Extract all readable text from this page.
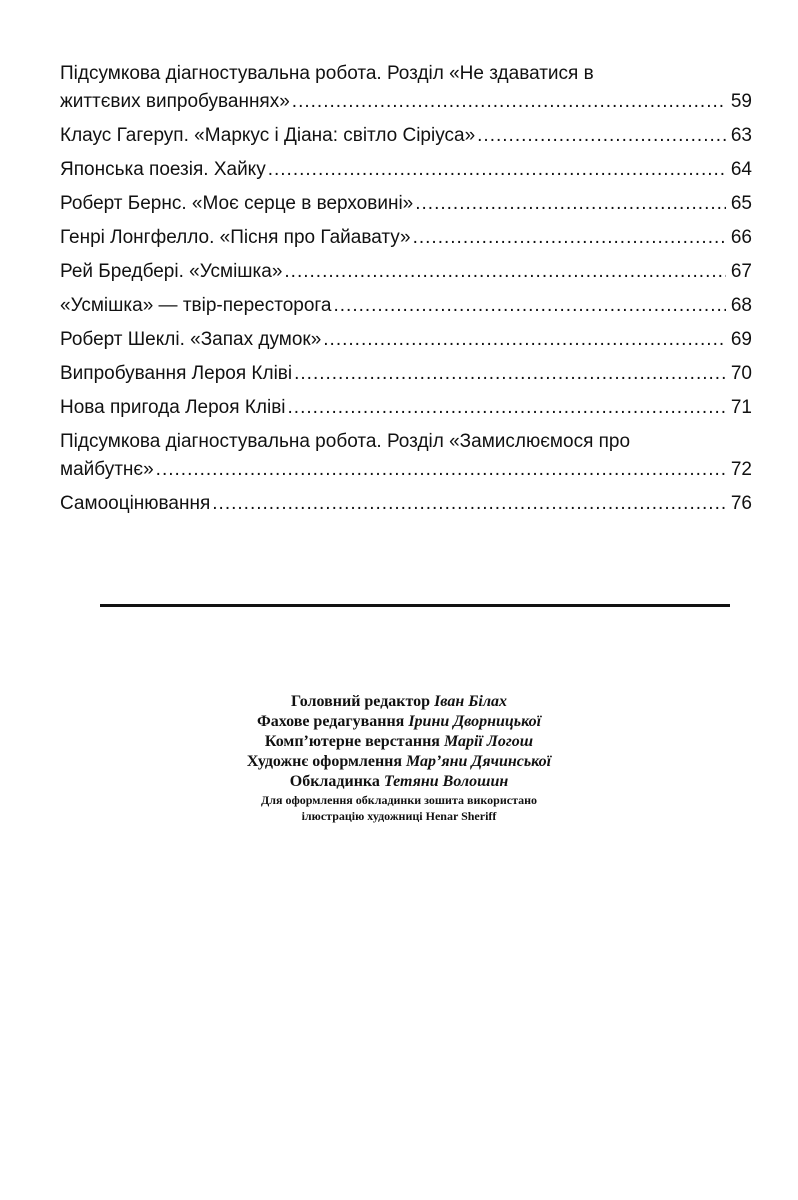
Підсумкова діагностувальна робота. Розділ «Не здаватися в
життєвих випробуваннях» .....	59
Клаус Гагеруп. «Маркус і Діана: світло Сіріуса» .....	63
Японська поезія. Хайку .....	64
Роберт Бернс. «Моє серце в верховині» .....	65
Генрі Лонгфелло. «Пісня про Гайавату» .....	66
Рей Бредбері. «Усмішка» .....	67
«Усмішка» — твір-пересторога .....	68
Роберт Шеклі. «Запах думок» .....	69
Випробування Лероя Кліві .....	70
Нова пригода Лероя Кліві .....	71
Підсумкова діагностувальна робота. Розділ «Замислюємося про
майбутнє» .....	72
Самооцінювання .....	76
Головний редактор Іван Білах
Фахове редагування Ірини Дворницької
Комп’ютерне верстання Марії Логош
Художнє оформлення Мар’яни Дячинської
Обкладинка Тетяни Волошин
Для оформлення обкладинки зошита використано
ілюстрацію художниці Henar Sheriff
